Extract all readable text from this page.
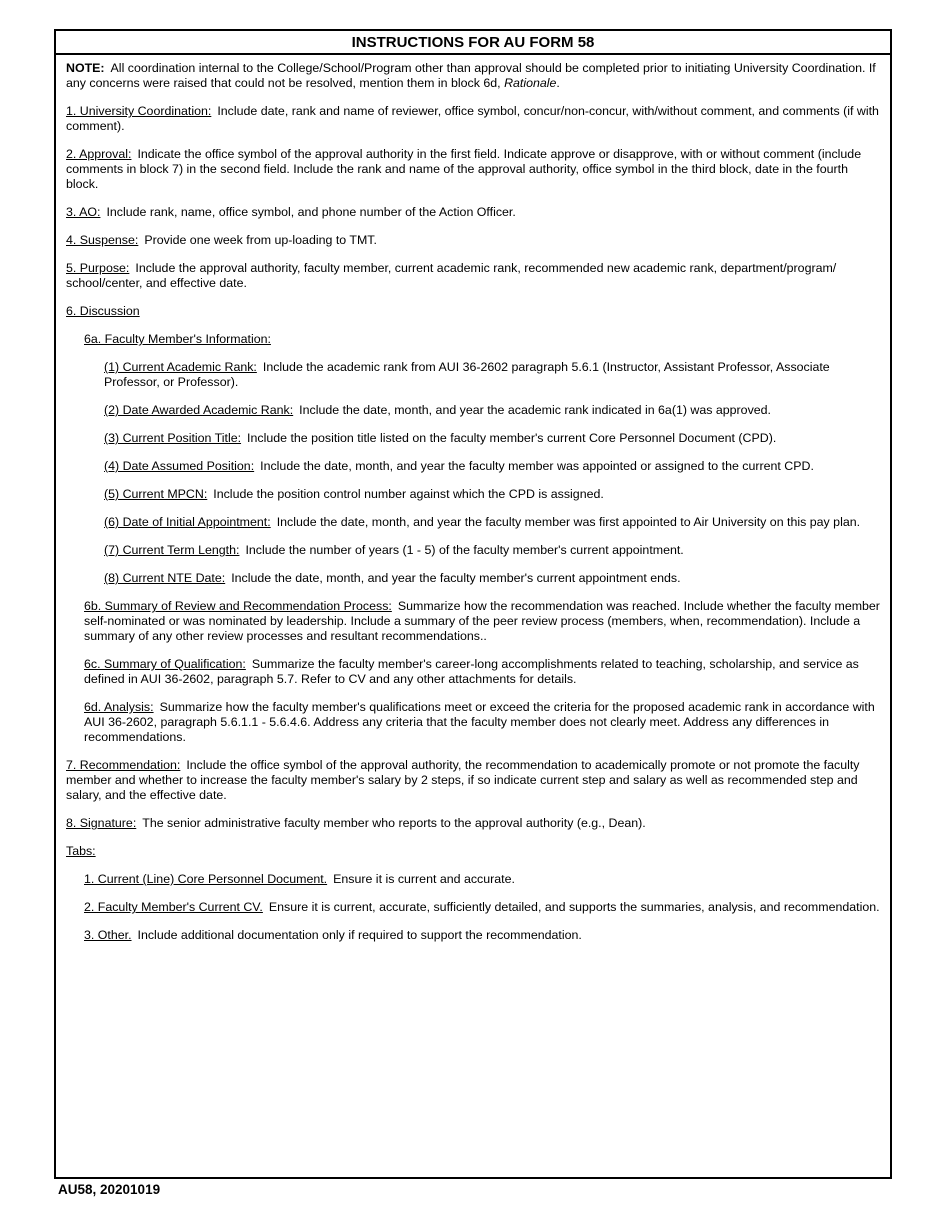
INSTRUCTIONS FOR AU FORM 58

NOTE: All coordination internal to the College/School/Program other than approval should be completed prior to initiating University Coordination. If any concerns were raised that could not be resolved, mention them in block 6d, Rationale.

1. University Coordination: Include date, rank and name of reviewer, office symbol, concur/non-concur, with/without comment, and comments (if with comment).

2. Approval: Indicate the office symbol of the approval authority in the first field. Indicate approve or disapprove, with or without comment (include comments in block 7) in the second field. Include the rank and name of the approval authority, office symbol in the third block, date in the fourth block.

3. AO: Include rank, name, office symbol, and phone number of the Action Officer.

4. Suspense: Provide one week from up-loading to TMT.

5. Purpose: Include the approval authority, faculty member, current academic rank, recommended new academic rank, department/program/ school/center, and effective date.

6. Discussion

6a. Faculty Member's Information:

(1) Current Academic Rank: Include the academic rank from AUI 36-2602 paragraph 5.6.1 (Instructor, Assistant Professor, Associate Professor, or Professor).

(2) Date Awarded Academic Rank: Include the date, month, and year the academic rank indicated in 6a(1) was approved.

(3) Current Position Title: Include the position title listed on the faculty member's current Core Personnel Document (CPD).

(4) Date Assumed Position: Include the date, month, and year the faculty member was appointed or assigned to the current CPD.

(5) Current MPCN: Include the position control number against which the CPD is assigned.

(6) Date of Initial Appointment: Include the date, month, and year the faculty member was first appointed to Air University on this pay plan.

(7) Current Term Length: Include the number of years (1 - 5) of the faculty member's current appointment.

(8) Current NTE Date: Include the date, month, and year the faculty member's current appointment ends.

6b. Summary of Review and Recommendation Process: Summarize how the recommendation was reached. Include whether the faculty member self-nominated or was nominated by leadership. Include a summary of the peer review process (members, when, recommendation). Include a summary of any other review processes and resultant recommendations..

6c. Summary of Qualification: Summarize the faculty member's career-long accomplishments related to teaching, scholarship, and service as defined in AUI 36-2602, paragraph 5.7. Refer to CV and any other attachments for details.

6d. Analysis: Summarize how the faculty member's qualifications meet or exceed the criteria for the proposed academic rank in accordance with AUI 36-2602, paragraph 5.6.1.1 - 5.6.4.6. Address any criteria that the faculty member does not clearly meet. Address any differences in recommendations.

7. Recommendation: Include the office symbol of the approval authority, the recommendation to academically promote or not promote the faculty member and whether to increase the faculty member's salary by 2 steps, if so indicate current step and salary as well as recommended step and salary, and the effective date.

8. Signature: The senior administrative faculty member who reports to the approval authority (e.g., Dean).

Tabs:

1. Current (Line) Core Personnel Document. Ensure it is current and accurate.

2. Faculty Member's Current CV. Ensure it is current, accurate, sufficiently detailed, and supports the summaries, analysis, and recommendation.

3. Other. Include additional documentation only if required to support the recommendation.

AU58, 20201019
